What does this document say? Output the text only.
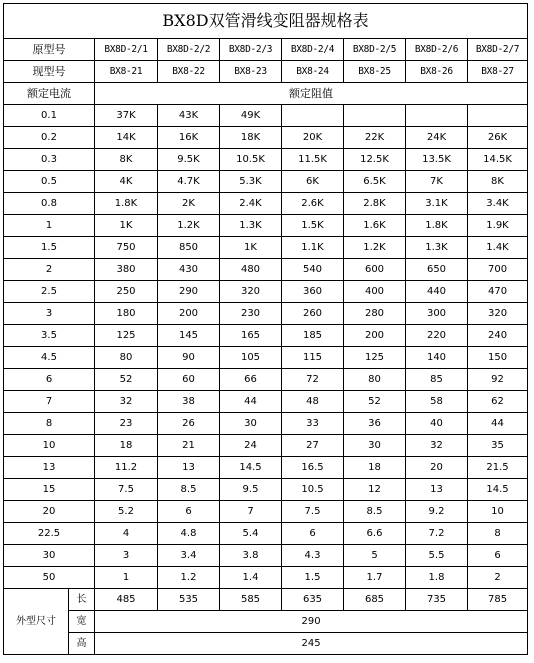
BX8D双管滑线变阻器规格表								
原型号		BX8D-2/1	BX8D-2/2	BX8D-2/3	BX8D-2/4	BX8D-2/5	BX8D-2/6	BX8D-2/7
现型号		BX8-21	BX8-22	BX8-23	BX8-24	BX8-25	BX8-26	BX8-27
额定电流		额定阻值						
0.1		37K	43K	49K				
0.2		14K	16K	18K	20K	22K	24K	26K
0.3		8K	9.5K	10.5K	11.5K	12.5K	13.5K	14.5K
0.5		4K	4.7K	5.3K	6K	6.5K	7K	8K
0.8		1.8K	2K	2.4K	2.6K	2.8K	3.1K	3.4K
1		1K	1.2K	1.3K	1.5K	1.6K	1.8K	1.9K
1.5		750	850	1K	1.1K	1.2K	1.3K	1.4K
2		380	430	480	540	600	650	700
2.5		250	290	320	360	400	440	470
3		180	200	230	260	280	300	320
3.5		125	145	165	185	200	220	240
4.5		80	90	105	115	125	140	150
6		52	60	66	72	80	85	92
7		32	38	44	48	52	58	62
8		23	26	30	33	36	40	44
10		18	21	24	27	30	32	35
13		11.2	13	14.5	16.5	18	20	21.5
15		7.5	8.5	9.5	10.5	12	13	14.5
20		5.2	6	7	7.5	8.5	9.2	10
22.5		4	4.8	5.4	6	6.6	7.2	8
30		3	3.4	3.8	4.3	5	5.5	6
50		1	1.2	1.4	1.5	1.7	1.8	2
外型尺寸	长	485	535	585	635	685	735	785
	宽	290						
	高	245						
